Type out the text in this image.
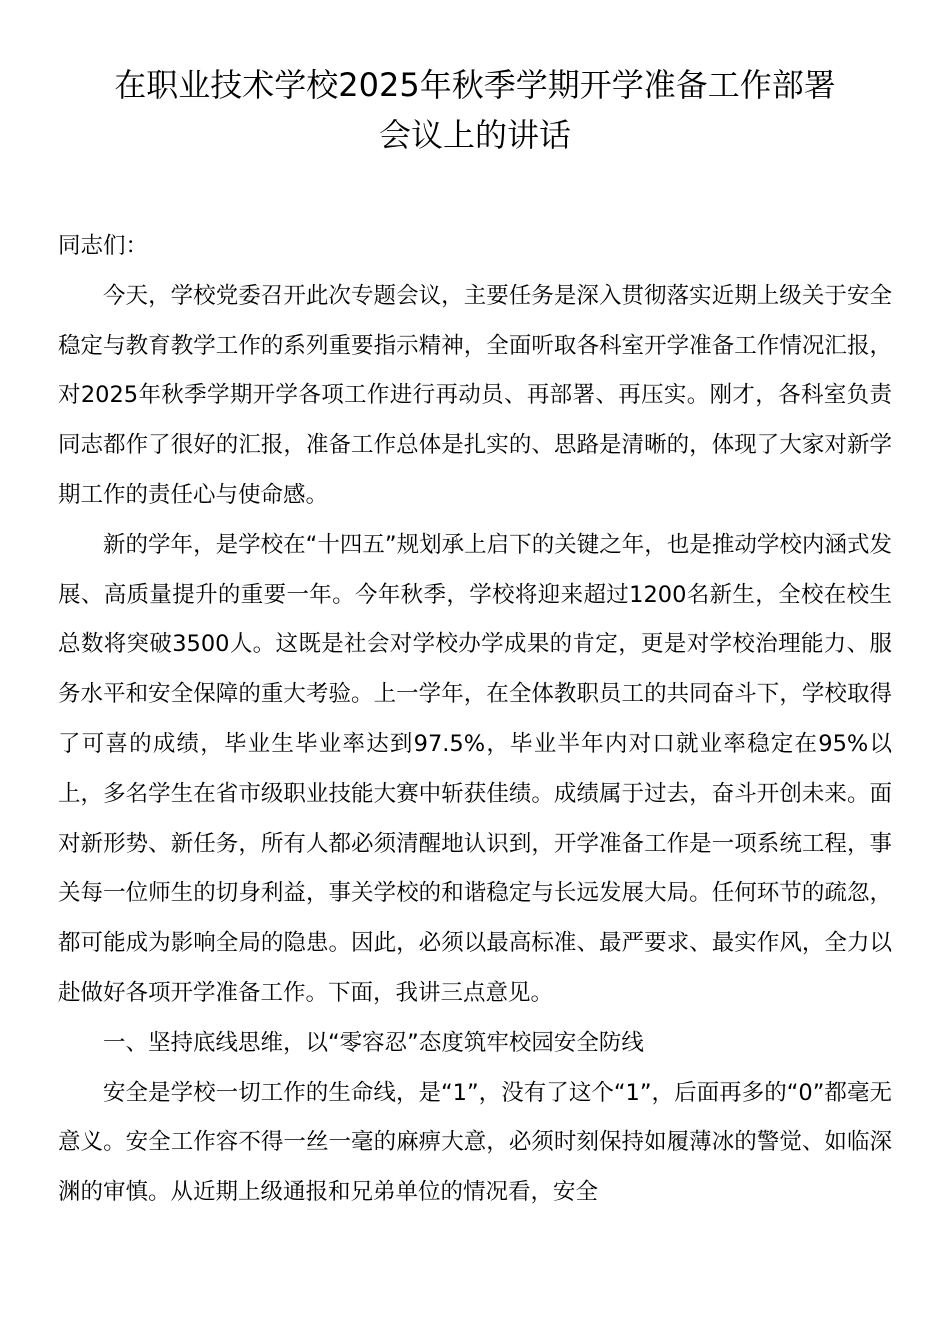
在职业技术学校2025年秋季学期开学准备工作部署
会议上的讲话

同志们：

今天，学校党委召开此次专题会议，主要任务是深入贯彻落实近期上级关于安全稳定与教育教学工作的系列重要指示精神，全面听取各科室开学准备工作情况汇报，对2025年秋季学期开学各项工作进行再动员、再部署、再压实。刚才，各科室负责同志都作了很好的汇报，准备工作总体是扎实的、思路是清晰的，体现了大家对新学期工作的责任心与使命感。

新的学年，是学校在“十四五”规划承上启下的关键之年，也是推动学校内涵式发展、高质量提升的重要一年。今年秋季，学校将迎来超过1200名新生，全校在校生总数将突破3500人。这既是社会对学校办学成果的肯定，更是对学校治理能力、服务水平和安全保障的重大考验。上一学年，在全体教职员工的共同奋斗下，学校取得了可喜的成绩，毕业生毕业率达到97.5%，毕业半年内对口就业率稳定在95%以上，多名学生在省市级职业技能大赛中斩获佳绩。成绩属于过去，奋斗开创未来。面对新形势、新任务，所有人都必须清醒地认识到，开学准备工作是一项系统工程，事关每一位师生的切身利益，事关学校的和谐稳定与长远发展大局。任何环节的疏忽，都可能成为影响全局的隐患。因此，必须以最高标准、最严要求、最实作风，全力以赴做好各项开学准备工作。下面，我讲三点意见。

一、坚持底线思维，以“零容忍”态度筑牢校园安全防线

安全是学校一切工作的生命线，是“1”，没有了这个“1”，后面再多的“0”都毫无意义。安全工作容不得一丝一毫的麻痹大意，必须时刻保持如履薄冰的警觉、如临深渊的审慎。从近期上级通报和兄弟单位的情况看，安全
